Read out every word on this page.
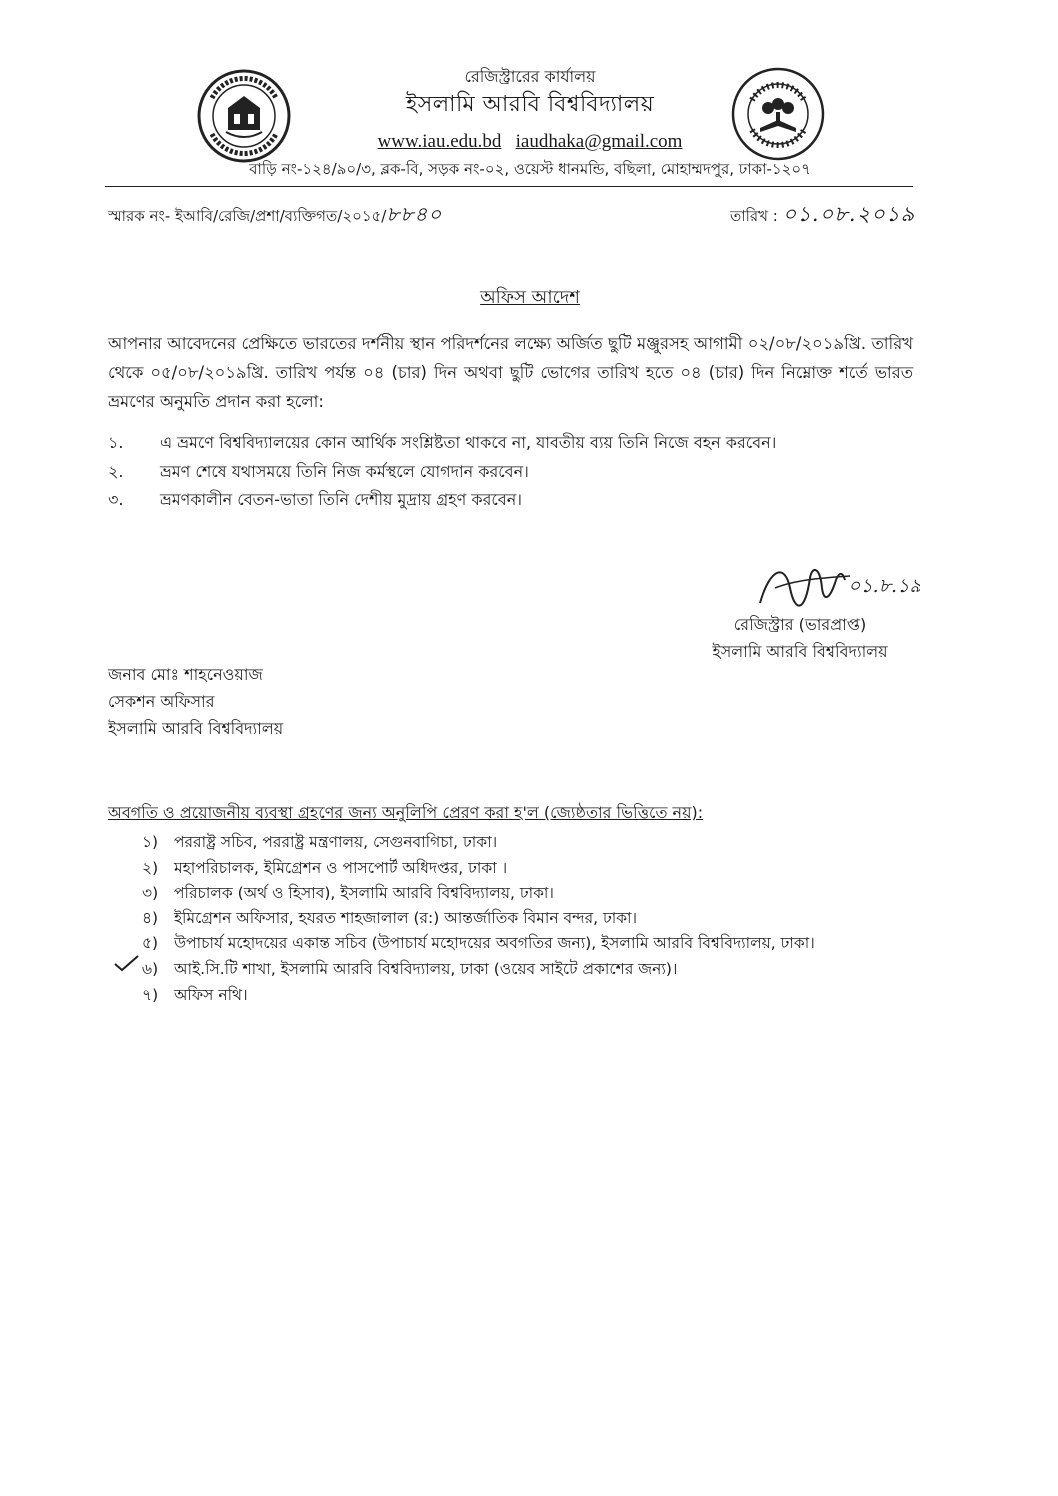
রেজিস্ট্রারের কার্যালয়
ইসলামি আরবি বিশ্ববিদ্যালয়
www.iau.edu.bd iaudhaka@gmail.com
বাড়ি নং-১২৪/৯০/৩, ব্লক-বি, সড়ক নং-০২, ওয়েস্ট ধানমন্ডি, বছিলা, মোহাম্মদপুর, ঢাকা-১২০৭
স্মারক নং- ইআবি/রেজি/প্রশা/ব্যক্তিগত/২০১৫/৮৮৪০	তারিখ : ০১.০৮.২০১৯
অফিস আদেশ
আপনার আবেদনের প্রেক্ষিতে ভারতের দর্শনীয় স্থান পরিদর্শনের লক্ষ্যে অর্জিত ছুটি মঞ্জুরসহ আগামী ০২/০৮/২০১৯খ্রি. তারিখ থেকে ০৫/০৮/২০১৯খ্রি. তারিখ পর্যন্ত ০৪ (চার) দিন অথবা ছুটি ভোগের তারিখ হতে ০৪ (চার) দিন নিম্নোক্ত শর্তে ভারত ভ্রমণের অনুমতি প্রদান করা হলো:
১. এ ভ্রমণে বিশ্ববিদ্যালয়ের কোন আর্থিক সংশ্লিষ্টতা থাকবে না, যাবতীয় ব্যয় তিনি নিজে বহন করবেন।
২. ভ্রমণ শেষে যথাসময়ে তিনি নিজ কর্মস্থলে যোগদান করবেন।
৩. ভ্রমণকালীন বেতন-ভাতা তিনি দেশীয় মুদ্রায় গ্রহণ করবেন।
০১.৮.১৯
রেজিস্ট্রার (ভারপ্রাপ্ত)
ইসলামি আরবি বিশ্ববিদ্যালয়
জনাব মোঃ শাহনেওয়াজ
সেকশন অফিসার
ইসলামি আরবি বিশ্ববিদ্যালয়
অবগতি ও প্রয়োজনীয় ব্যবস্থা গ্রহণের জন্য অনুলিপি প্রেরণ করা হ'ল (জ্যেষ্ঠতার ভিত্তিতে নয়):
১) পররাষ্ট্র সচিব, পররাষ্ট্র মন্ত্রণালয়, সেগুনবাগিচা, ঢাকা।
২) মহাপরিচালক, ইমিগ্রেশন ও পাসপোর্ট অধিদপ্তর, ঢাকা ।
৩) পরিচালক (অর্থ ও হিসাব), ইসলামি আরবি বিশ্ববিদ্যালয়, ঢাকা।
৪) ইমিগ্রেশন অফিসার, হযরত শাহজালাল (র:) আন্তর্জাতিক বিমান বন্দর, ঢাকা।
৫) উপাচার্য মহোদয়ের একান্ত সচিব (উপাচার্য মহোদয়ের অবগতির জন্য), ইসলামি আরবি বিশ্ববিদ্যালয়, ঢাকা।
৬) আই.সি.টি শাখা, ইসলামি আরবি বিশ্ববিদ্যালয়, ঢাকা (ওয়েব সাইটে প্রকাশের জন্য)।
৭) অফিস নথি।
